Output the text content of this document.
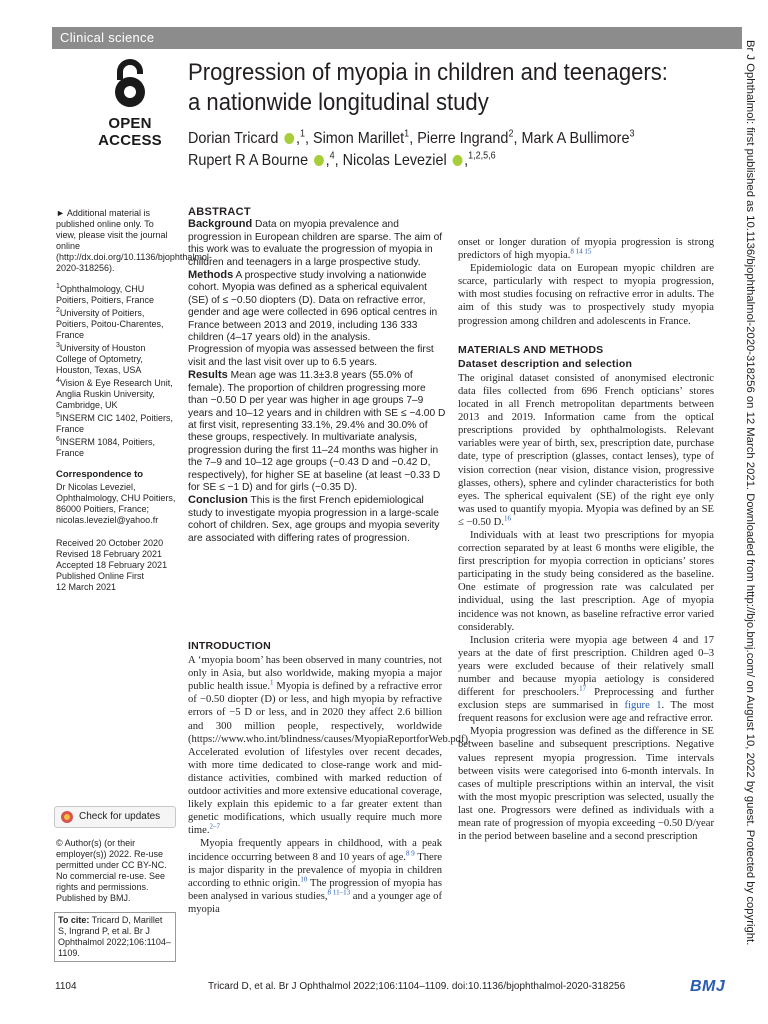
Clinical science
OPEN ACCESS
Progression of myopia in children and teenagers: a nationwide longitudinal study
Dorian Tricard ,$^1$, Simon Marillet$^1$, Pierre Ingrand$^2$, Mark A Bullimore$^3$
Rupert R A Bourne ,$^4$, Nicolas Leveziel ,$^{1,2,5,6}$

► Additional material is published online only. To view, please visit the journal online (http://dx.doi.org/10.1136/bjophthalmol-2020-318256).

$^1$Ophthalmology, CHU Poitiers, Poitiers, France

$^2$University of Poitiers, Poitiers, Poitou-Charentes, France

$^3$University of Houston College of Optometry, Houston, Texas, USA

$^4$Vision & Eye Research Unit, Anglia Ruskin University, Cambridge, UK

$^5$INSERM CIC 1402, Poitiers, France

$^6$INSERM 1084, Poitiers, France

Correspondence to

Dr Nicolas Leveziel,

Ophthalmology, CHU Poitiers,

86000 Poitiers, France;

nicolas.leveziel@yahoo.fr

Received 20 October 2020

Revised 18 February 2021

Accepted 18 February 2021

Published Online First

12 March 2021

Check for updates

© Author(s) (or their employer(s)) 2022. Re-use permitted under CC BY-NC. No commercial re-use. See rights and permissions. Published by BMJ.

To cite: Tricard D, Marillet S, Ingrand P, et al. Br J Ophthalmol 2022;106:1104–1109.
ABSTRACT

Background Data on myopia prevalence and progression in European children are sparse. The aim of this work was to evaluate the progression of myopia in children and teenagers in a large prospective study.

Methods A prospective study involving a nationwide cohort. Myopia was defined as a spherical equivalent (SE) of ≤ −0.50 diopters (D). Data on refractive error, gender and age were collected in 696 optical centres in France between 2013 and 2019, including 136 333 children (4–17 years old) in the analysis.

Progression of myopia was assessed between the first visit and the last visit over up to 6.5 years.

Results Mean age was 11.3±3.8 years (55.0% of female). The proportion of children progressing more than −0.50 D per year was higher in age groups 7–9 years and 10–12 years and in children with SE ≤ −4.00 D at first visit, representing 33.1%, 29.4% and 30.0% of these groups, respectively. In multivariate analysis, progression during the first 11–24 months was higher in the 7–9 and 10–12 age groups (−0.43 D and −0.42 D, respectively), for higher SE at baseline (at least −0.33 D for SE ≤ −1 D) and for girls (−0.35 D).

Conclusion This is the first French epidemiological study to investigate myopia progression in a large-scale cohort of children. Sex, age groups and myopia severity are associated with differing rates of progression.

INTRODUCTION

A ‘myopia boom’ has been observed in many countries, not only in Asia, but also worldwide, making myopia a major public health issue.$^1$ Myopia is defined by a refractive error of −0.50 diopter (D) or less, and high myopia by refractive errors of −5 D or less, and in 2020 they affect 2.6 billion and 300 million people, respectively, worldwide (https://www.who.int/blindness/causes/MyopiaReportforWeb.pdf). Accelerated evolution of lifestyles over recent decades, with more time dedicated to close-range work and mid-distance activities, combined with marked reduction of outdoor activities and more extensive educational coverage, likely explain this epidemic to a far greater extent than genetic modifications, which usually require much more time.$^{2-7}$

Myopia frequently appears in childhood, with a peak incidence occurring between 8 and 10 years of age.$^{8 9}$ There is major disparity in the prevalence of myopia in children according to ethnic origin.$^{10}$ The progression of myopia has been analysed in various studies,$^{8 11-13}$ and a younger age of myopia

onset or longer duration of myopia progression is strong predictors of high myopia.$^{8 14 15}$

Epidemiologic data on European myopic children are scarce, particularly with respect to myopia progression, with most studies focusing on refractive error in adults. The aim of this study was to prospectively study myopia progression among children and adolescents in France.

MATERIALS AND METHODS
Dataset description and selection

The original dataset consisted of anonymised electronic data files collected from 696 French opticians’ stores located in all French metropolitan departments between 2013 and 2019. Information came from the optical prescriptions provided by ophthalmologists. Relevant variables were year of birth, sex, prescription date, purchase date, type of prescription (glasses, contact lenses), type of vision correction (near vision, distance vision, progressive glasses, others), sphere and cylinder characteristics for both eyes. The spherical equivalent (SE) of the right eye only was used to quantify myopia. Myopia was defined by an SE ≤ −0.50 D.$^{16}$

Individuals with at least two prescriptions for myopia correction separated by at least 6 months were eligible, the first prescription for myopia correction in opticians’ stores participating in the study being considered as the baseline. One estimate of progression rate was calculated per individual, using the last prescription. Age of myopia incidence was not known, as baseline refractive error varied considerably.

Inclusion criteria were myopia age between 4 and 17 years at the date of first prescription. Children aged 0–3 years were excluded because of their relatively small number and because myopia aetiology is considered different for preschoolers.$^{17}$ Preprocessing and further exclusion steps are summarised in figure 1. The most frequent reasons for exclusion were age and refractive error.

Myopia progression was defined as the difference in SE between baseline and subsequent prescriptions. Negative values represent myopia progression. Time intervals between visits were categorised into 6-month intervals. In cases of multiple prescriptions within an interval, the visit with the most myopic prescription was selected, usually the last one. Progressors were defined as individuals with a mean rate of progression of myopia exceeding −0.50 D/year in the period between baseline and a second prescription	Br J Ophthalmol: first published as 10.1136/bjophthalmol-2020-318256 on 12 March 2021. Downloaded from http://bjo.bmj.com/ on August 10, 2022 by guest. Protected by copyright.
1104	Tricard D, et al. Br J Ophthalmol 2022;106:1104–1109. doi:10.1136/bjophthalmol-2020-318256	BMJ
